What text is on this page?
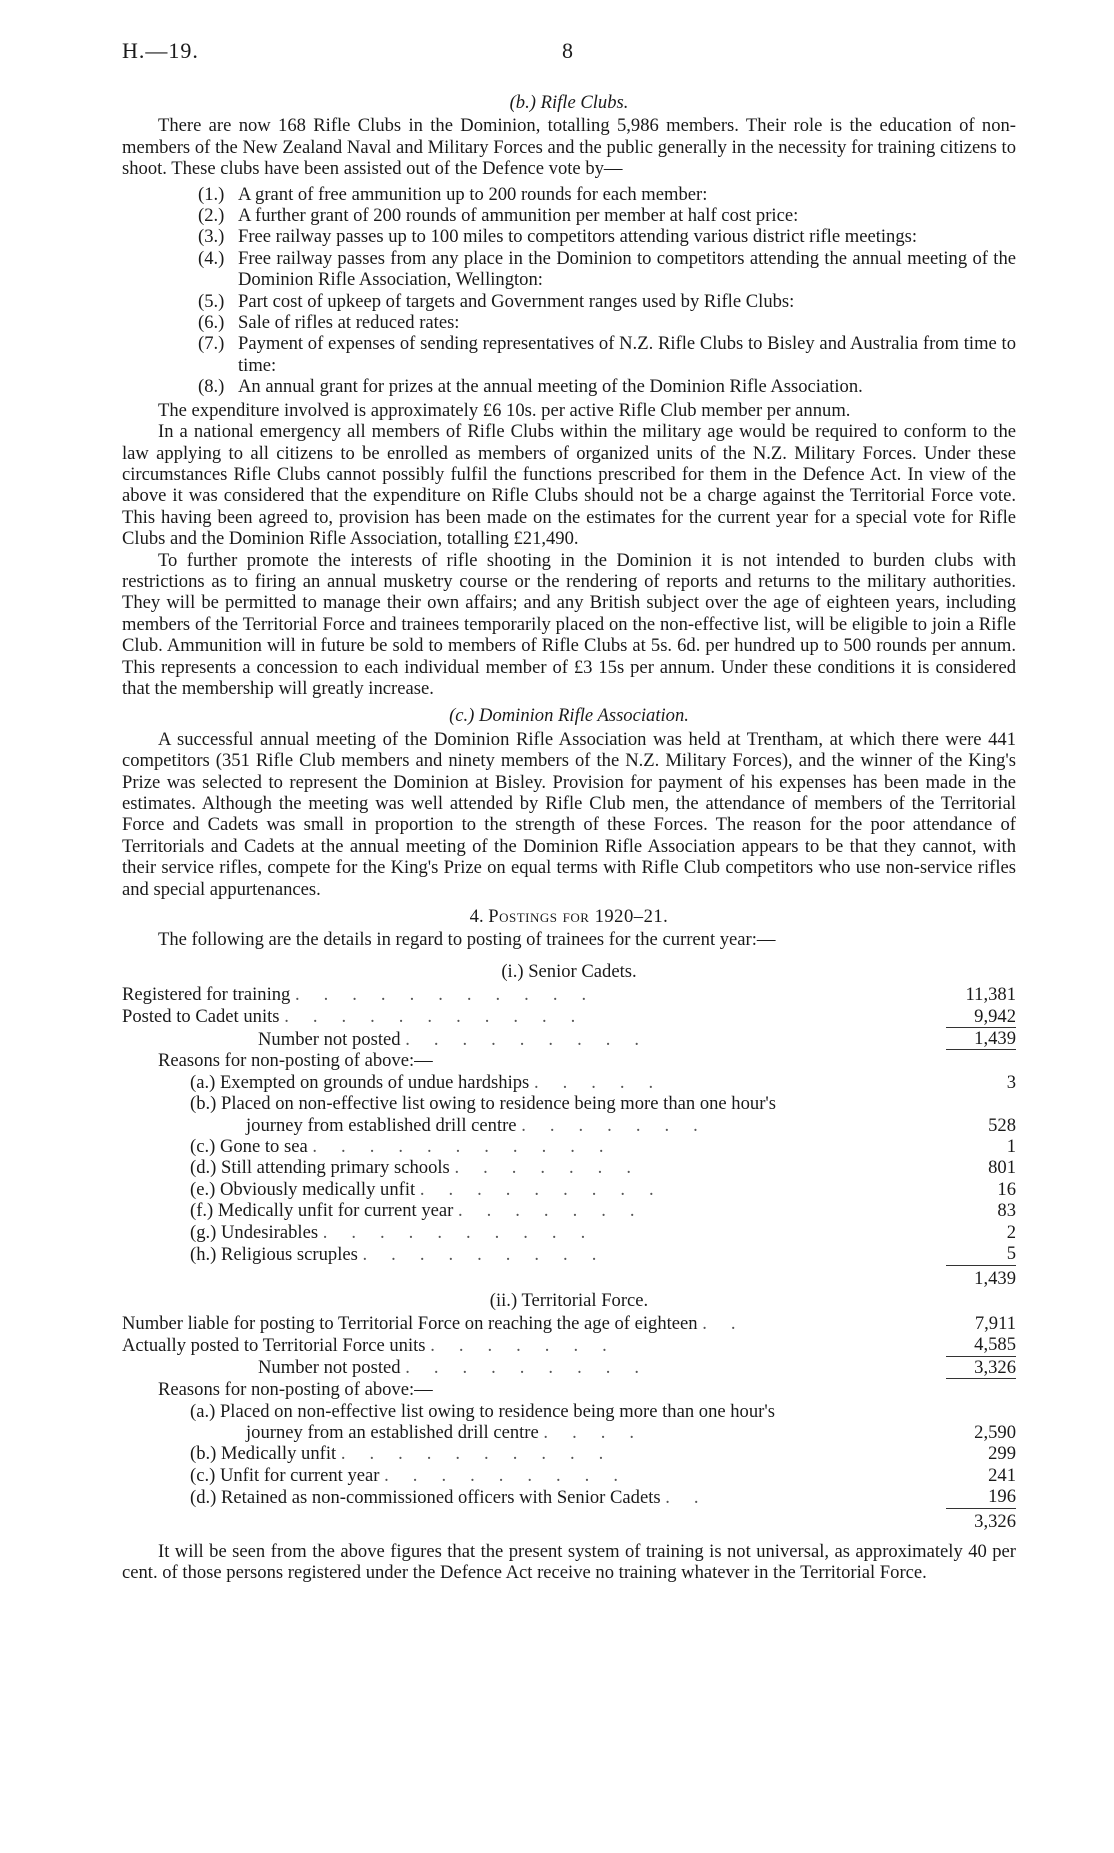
H.—19.	8
(b.) Rifle Clubs.

There are now 168 Rifle Clubs in the Dominion, totalling 5,986 members. Their role is the education of non-members of the New Zealand Naval and Military Forces and the public generally in the necessity for training citizens to shoot. These clubs have been assisted out of the Defence vote by—

(1.) A grant of free ammunition up to 200 rounds for each member:
(2.) A further grant of 200 rounds of ammunition per member at half cost price:
(3.) Free railway passes up to 100 miles to competitors attending various district rifle meetings:
(4.) Free railway passes from any place in the Dominion to competitors attending the annual meeting of the Dominion Rifle Association, Wellington:
(5.) Part cost of upkeep of targets and Government ranges used by Rifle Clubs:
(6.) Sale of rifles at reduced rates:
(7.) Payment of expenses of sending representatives of N.Z. Rifle Clubs to Bisley and Australia from time to time:
(8.) An annual grant for prizes at the annual meeting of the Dominion Rifle Association.

The expenditure involved is approximately £6 10s. per active Rifle Club member per annum.

In a national emergency all members of Rifle Clubs within the military age would be required to conform to the law applying to all citizens to be enrolled as members of organized units of the N.Z. Military Forces. Under these circumstances Rifle Clubs cannot possibly fulfil the functions prescribed for them in the Defence Act. In view of the above it was considered that the expenditure on Rifle Clubs should not be a charge against the Territorial Force vote. This having been agreed to, provision has been made on the estimates for the current year for a special vote for Rifle Clubs and the Dominion Rifle Association, totalling £21,490.

To further promote the interests of rifle shooting in the Dominion it is not intended to burden clubs with restrictions as to firing an annual musketry course or the rendering of reports and returns to the military authorities. They will be permitted to manage their own affairs; and any British subject over the age of eighteen years, including members of the Territorial Force and trainees temporarily placed on the non-effective list, will be eligible to join a Rifle Club. Ammunition will in future be sold to members of Rifle Clubs at 5s. 6d. per hundred up to 500 rounds per annum. This represents a concession to each individual member of £3 15s per annum. Under these conditions it is considered that the membership will greatly increase.

(c.) Dominion Rifle Association.

A successful annual meeting of the Dominion Rifle Association was held at Trentham, at which there were 441 competitors (351 Rifle Club members and ninety members of the N.Z. Military Forces), and the winner of the King's Prize was selected to represent the Dominion at Bisley. Provision for payment of his expenses has been made in the estimates. Although the meeting was well attended by Rifle Club men, the attendance of members of the Territorial Force and Cadets was small in proportion to the strength of these Forces. The reason for the poor attendance of Territorials and Cadets at the annual meeting of the Dominion Rifle Association appears to be that they cannot, with their service rifles, compete for the King's Prize on equal terms with Rifle Club competitors who use non-service rifles and special appurtenances.

4. Postings for 1920–21.

The following are the details in regard to posting of trainees for the current year:—

(i.) Senior Cadets.
Registered for training ...........	11,381
Posted to Cadet units ...........	9,942
Number not posted .........	1,439
Reasons for non-posting of above:—	
(a.) Exempted on grounds of undue hardships .....	3
(b.) Placed on non-effective list owing to residence being more than one hour's	
journey from established drill centre .......	528
(c.) Gone to sea ...........	1
(d.) Still attending primary schools .......	801
(e.) Obviously medically unfit .........	16
(f.) Medically unfit for current year .......	83
(g.) Undesirables ..........	2
(h.) Religious scruples .........	5
	1,439
(ii.) Territorial Force.
Number liable for posting to Territorial Force on reaching the age of eighteen ..	7,911
Actually posted to Territorial Force units .......	4,585
Number not posted .........	3,326
Reasons for non-posting of above:—	
(a.) Placed on non-effective list owing to residence being more than one hour's	
journey from an established drill centre ....	2,590
(b.) Medically unfit ..........	299
(c.) Unfit for current year .........	241
(d.) Retained as non-commissioned officers with Senior Cadets ..	196
	3,326

It will be seen from the above figures that the present system of training is not universal, as approximately 40 per cent. of those persons registered under the Defence Act receive no training whatever in the Territorial Force.
